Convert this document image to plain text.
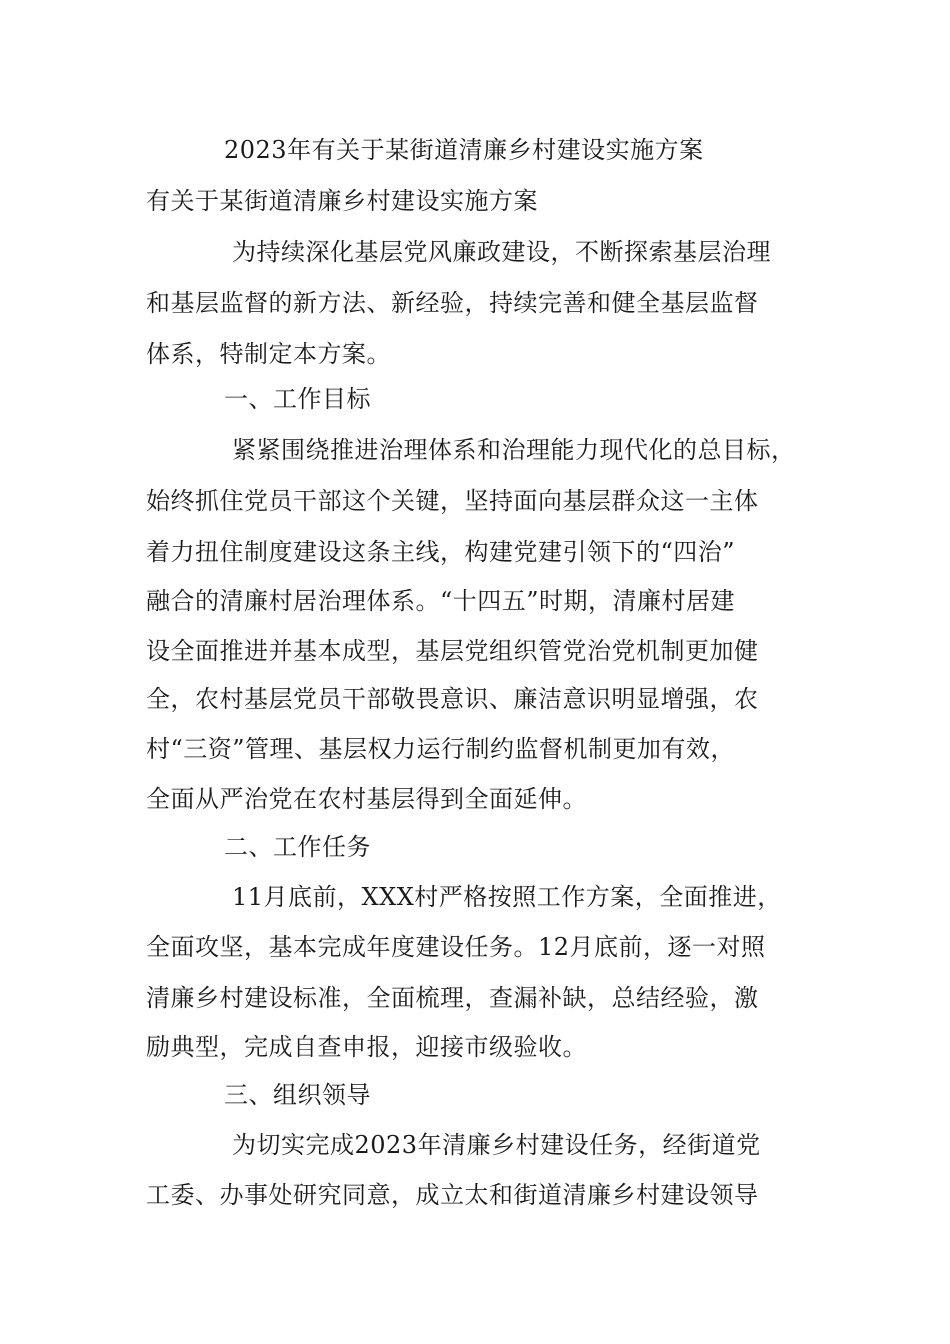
2023年有关于某街道清廉乡村建设实施方案
有关于某街道清廉乡村建设实施方案
为持续深化基层党风廉政建设，不断探索基层治理
和基层监督的新方法、新经验，持续完善和健全基层监督
体系，特制定本方案。
一、工作目标
紧紧围绕推进治理体系和治理能力现代化的总目标，
始终抓住党员干部这个关键，坚持面向基层群众这一主体
着力扭住制度建设这条主线，构建党建引领下的“四治”
融合的清廉村居治理体系。“十四五”时期，清廉村居建
设全面推进并基本成型，基层党组织管党治党机制更加健
全，农村基层党员干部敬畏意识、廉洁意识明显增强，农
村“三资”管理、基层权力运行制约监督机制更加有效，
全面从严治党在农村基层得到全面延伸。
二、工作任务
11月底前，XXX村严格按照工作方案，全面推进，
全面攻坚，基本完成年度建设任务。12月底前，逐一对照
清廉乡村建设标准，全面梳理，查漏补缺，总结经验，激
励典型，完成自查申报，迎接市级验收。
三、组织领导
为切实完成2023年清廉乡村建设任务，经街道党
工委、办事处研究同意，成立太和街道清廉乡村建设领导
